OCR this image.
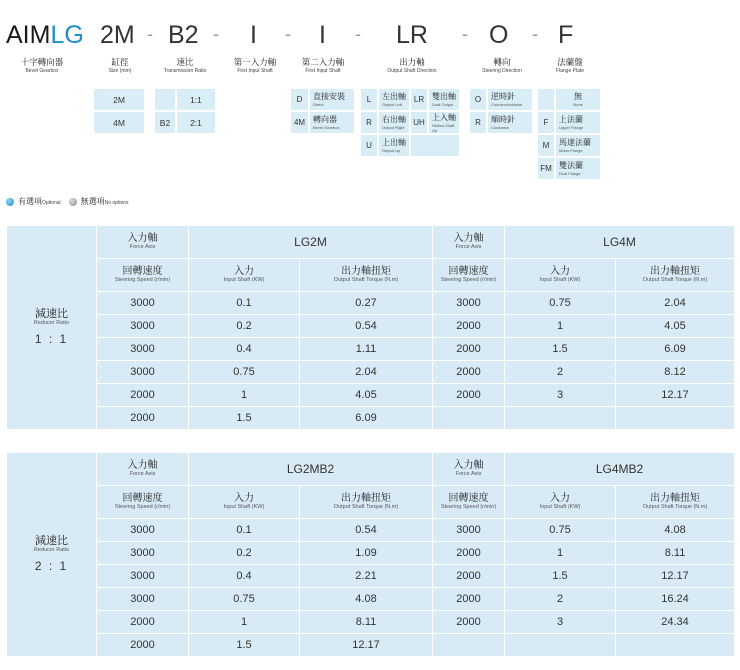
AIMLG 2M - B2 - I - I - LR - O - F
十字轉向器
Bevel Gearbox
缸徑
Size (mm)
速比
Transmission Ratio
第一入力軸
First Input Shaft
第二入力軸
First Input Shaft
出力軸
Output Shaft Direction
轉向
Steering Direction
法蘭盤
Flange Plate
2M
4M
1:1
B2	2:1
D	直接安裝
Direct
4M 轉向器
Bevel Gearbox
L	左出軸
Output Left
R	右出軸
Output Right
U	上出軸
Output Up
LR 雙出軸
Dual Output
UH
上入軸
Hollow Shaft Up
O	逆時針
Counterclockwise
R	順時針
Clockwise
無
None
F	上法蘭
Upper Flange
M	馬達法蘭
Motor Flange
FM 雙法蘭
Dual Flange
有選項Optional	無選項No options
減速比
Reducer Ratio
1 : 1	入力軸
Force Axis	LG2M		入力軸
Force Axis	LG4M	

	回轉速度
Steering Speed (r/min)	入力
Input Shaft (KW)	出力軸扭矩
Output Shaft Torque (N.m)	回轉速度
Steering Speed (r/min)	入力
Input Shaft (KW)	出力軸扭矩
Output Shaft Torque (N.m)

	3000	0.1	0.27	3000	0.75	2.04
	3000	0.2	0.54	2000	1	4.05
	3000	0.4	1.11	2000	1.5	6.09
	3000	0.75	2.04	2000	2	8.12
	2000	1	4.05	2000	3	12.17
	2000	1.5	6.09			
減速比
Reducer Ratio
2 : 1	入力軸
Force Axis	LG2MB2		入力軸
Force Axis	LG4MB2	

	回轉速度
Steering Speed (r/min)	入力
Input Shaft (KW)	出力軸扭矩
Output Shaft Torque (N.m)	回轉速度
Steering Speed (r/min)	入力
Input Shaft (KW)	出力軸扭矩
Output Shaft Torque (N.m)

	3000	0.1	0.54	3000	0.75	4.08
	3000	0.2	1.09	2000	1	8.11
	3000	0.4	2.21	2000	1.5	12.17
	3000	0.75	4.08	2000	2	16.24
	2000	1	8.11	2000	3	24.34
	2000	1.5	12.17			
